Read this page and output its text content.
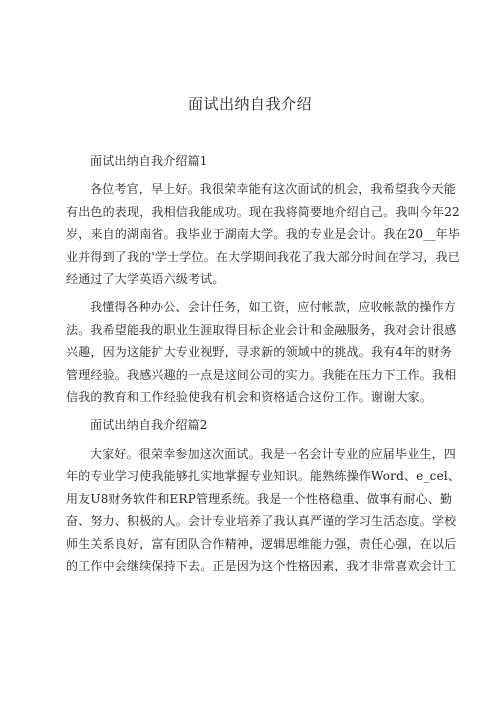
面试出纳自我介绍
面试出纳自我介绍篇1
各位考官，早上好。我很荣幸能有这次面试的机会，我希望我今天能
有出色的表现，我相信我能成功。现在我将简要地介绍自己。我叫今年22
岁，来自的湖南省。我毕业于湖南大学。我的专业是会计。我在20__年毕
业并得到了我的'学士学位。在大学期间我花了我大部分时间在学习，我已
经通过了大学英语六级考试。
我懂得各种办公、会计任务，如工资，应付帐款，应收帐款的操作方
法。我希望能我的职业生涯取得目标企业会计和金融服务，我对会计很感
兴趣，因为这能扩大专业视野，寻求新的领域中的挑战。我有4年的财务
管理经验。我感兴趣的一点是这间公司的实力。我能在压力下工作。我相
信我的教育和工作经验使我有机会和资格适合这份工作。谢谢大家。
面试出纳自我介绍篇2
大家好。很荣幸参加这次面试。我是一名会计专业的应届毕业生，四
年的专业学习使我能够扎实地掌握专业知识。能熟练操作Word、e_cel、
用友U8财务软件和ERP管理系统。我是一个性格稳重、做事有耐心、勤
奋、努力、积极的人。会计专业培养了我认真严谨的学习生活态度。学校
师生关系良好，富有团队合作精神，逻辑思维能力强，责任心强，在以后
的工作中会继续保持下去。正是因为这个性格因素，我才非常喜欢会计工
